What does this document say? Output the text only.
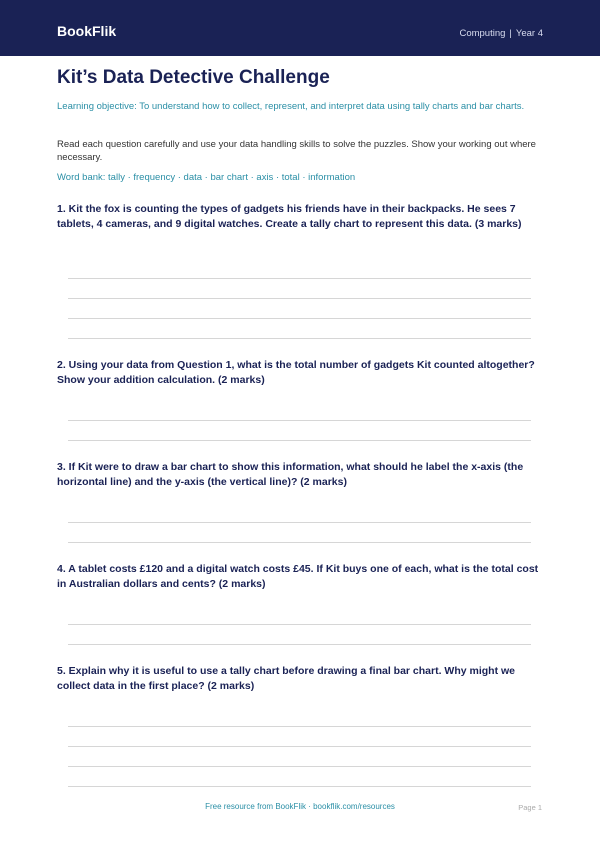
BookFlik	Computing | Year 4
Kit’s Data Detective Challenge

Learning objective: To understand how to collect, represent, and interpret data using tally charts and bar charts.

Read each question carefully and use your data handling skills to solve the puzzles. Show your working out where necessary.

Word bank: tally · frequency · data · bar chart · axis · total · information

1. Kit the fox is counting the types of gadgets his friends have in their backpacks. He sees 7 tablets, 4 cameras, and 9 digital watches. Create a tally chart to represent this data. (3 marks)

2. Using your data from Question 1, what is the total number of gadgets Kit counted altogether? Show your addition calculation. (2 marks)

3. If Kit were to draw a bar chart to show this information, what should he label the x-axis (the horizontal line) and the y-axis (the vertical line)? (2 marks)

4. A tablet costs £120 and a digital watch costs £45. If Kit buys one of each, what is the total cost in Australian dollars and cents? (2 marks)

5. Explain why it is useful to use a tally chart before drawing a final bar chart. Why might we collect data in the first place? (2 marks)

Free resource from BookFlik · bookflik.com/resources	Page 1
